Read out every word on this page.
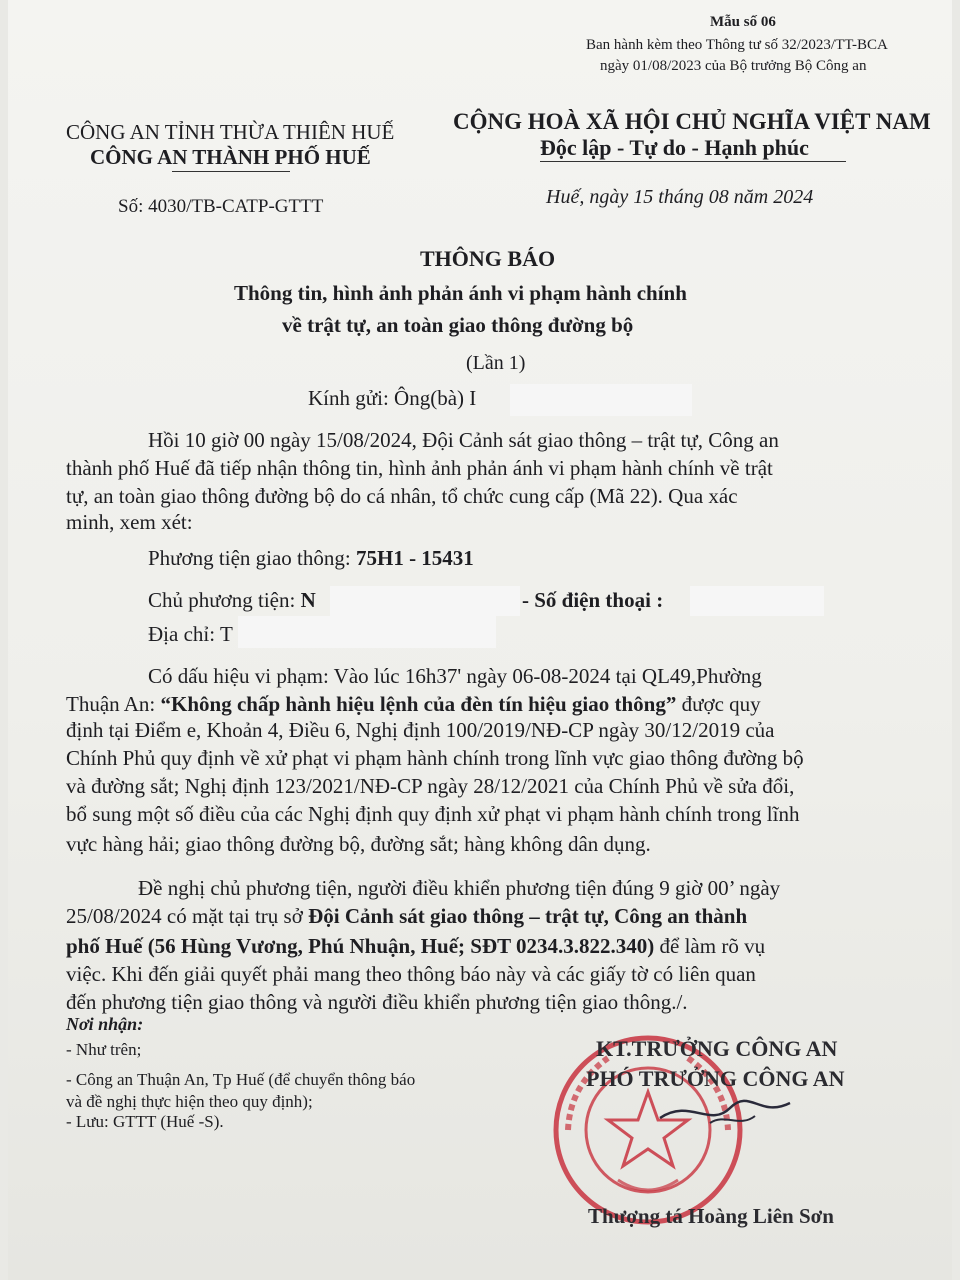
Mẫu số 06
Ban hành kèm theo Thông tư số 32/2023/TT-BCA
ngày 01/08/2023 của Bộ trưởng Bộ Công an
CÔNG AN TỈNH THỪA THIÊN HUẾ
CÔNG AN THÀNH PHỐ HUẾ
Số: 4030/TB-CATP-GTTT
CỘNG HOÀ XÃ HỘI CHỦ NGHĨA VIỆT NAM
Độc lập - Tự do - Hạnh phúc
Huế, ngày 15 tháng 08 năm 2024
THÔNG BÁO
Thông tin, hình ảnh phản ánh vi phạm hành chính
về trật tự, an toàn giao thông đường bộ
(Lần 1)
Kính gửi: Ông(bà) I
Hồi 10 giờ 00 ngày 15/08/2024, Đội Cảnh sát giao thông – trật tự, Công an
thành phố Huế đã tiếp nhận thông tin, hình ảnh phản ánh vi phạm hành chính về trật
tự, an toàn giao thông đường bộ do cá nhân, tổ chức cung cấp (Mã 22). Qua xác
minh, xem xét:
Phương tiện giao thông: 75H1 - 15431
Chủ phương tiện: N	- Số điện thoại :
Địa chỉ: T
Có dấu hiệu vi phạm: Vào lúc 16h37' ngày 06-08-2024 tại QL49,Phường
Thuận An: “Không chấp hành hiệu lệnh của đèn tín hiệu giao thông” được quy
định tại Điểm e, Khoản 4, Điều 6, Nghị định 100/2019/NĐ-CP ngày 30/12/2019 của
Chính Phủ quy định về xử phạt vi phạm hành chính trong lĩnh vực giao thông đường bộ
và đường sắt; Nghị định 123/2021/NĐ-CP ngày 28/12/2021 của Chính Phủ về sửa đổi,
bổ sung một số điều của các Nghị định quy định xử phạt vi phạm hành chính trong lĩnh
vực hàng hải; giao thông đường bộ, đường sắt; hàng không dân dụng.
Đề nghị chủ phương tiện, người điều khiển phương tiện đúng 9 giờ 00’ ngày
25/08/2024 có mặt tại trụ sở Đội Cảnh sát giao thông – trật tự, Công an thành
phố Huế (56 Hùng Vương, Phú Nhuận, Huế; SĐT 0234.3.822.340) để làm rõ vụ
việc. Khi đến giải quyết phải mang theo thông báo này và các giấy tờ có liên quan
đến phương tiện giao thông và người điều khiển phương tiện giao thông./.
Nơi nhận:
- Như trên;
- Công an Thuận An, Tp Huế (để chuyển thông báo
và đề nghị thực hiện theo quy định);
- Lưu: GTTT (Huế -S).
KT.TRƯỞNG CÔNG AN
PHÓ TRƯỞNG CÔNG AN
Thượng tá Hoàng Liên Sơn
